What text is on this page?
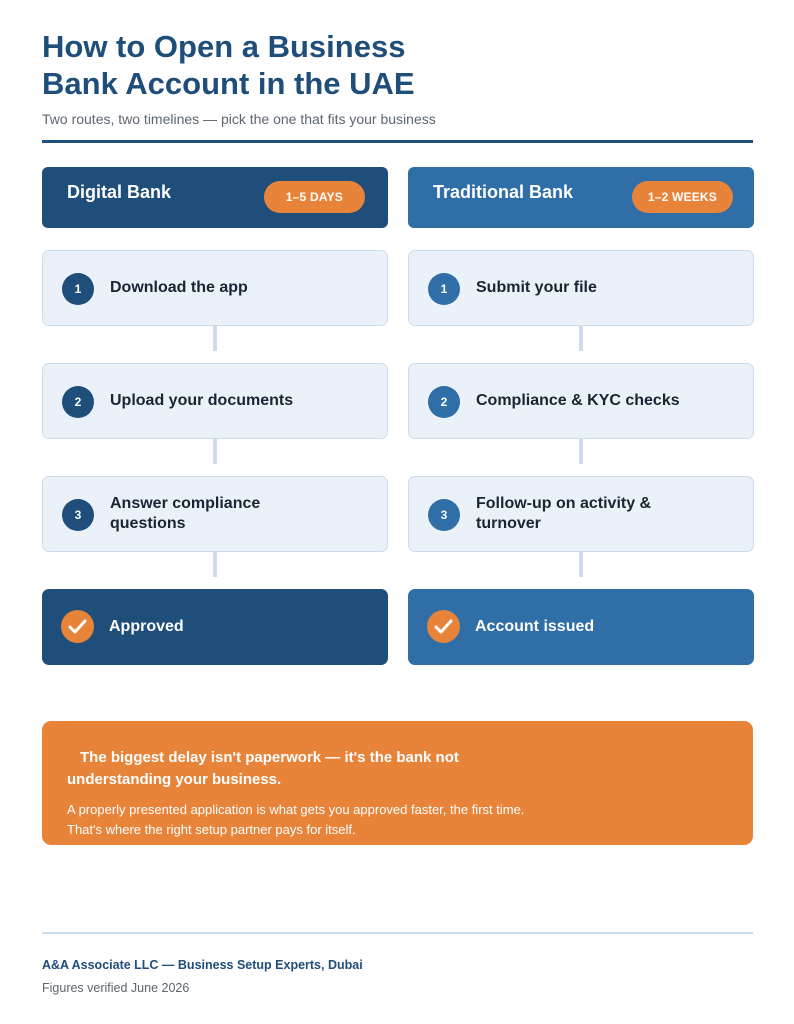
How to Open a Business
Bank Account in the UAE
Two routes, two timelines — pick the one that fits your business
Digital Bank	1–5 DAYS
1	Download the app
2	Upload your documents
3
Answer compliance questions
Approved
Traditional Bank	1–2 WEEKS
1	Submit your file
2	Compliance & KYC checks
3
Follow-up on activity & turnover
Account issued
The biggest delay isn't paperwork — it's the bank not understanding your business.
A properly presented application is what gets you approved faster, the first time. That's where the right setup partner pays for itself.
A&A Associate LLC — Business Setup Experts, Dubai
Figures verified June 2026
